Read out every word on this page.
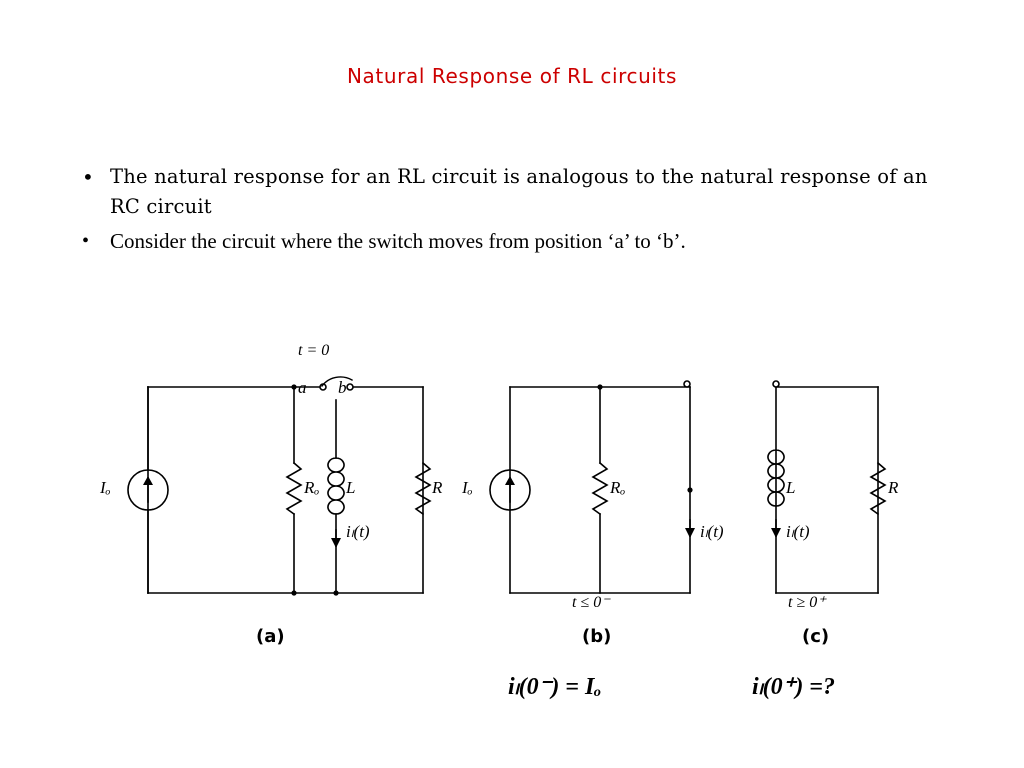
Natural Response of RL circuits
• The natural response for an RL circuit is analogous to the natural response of an RC circuit
• Consider the circuit where the switch moves from position ‘a’ to ‘b’.
t = 0
a b
Iₒ	Rₒ L	R
iₗ(t)
Iₒ	Rₒ
iₗ(t)
L	R
iₗ(t)
t ≤ 0⁻	t ≥ 0⁺
(a)	(b)	(c)
iₗ(0⁻) = Iₒ	iₗ(0⁺) =?
